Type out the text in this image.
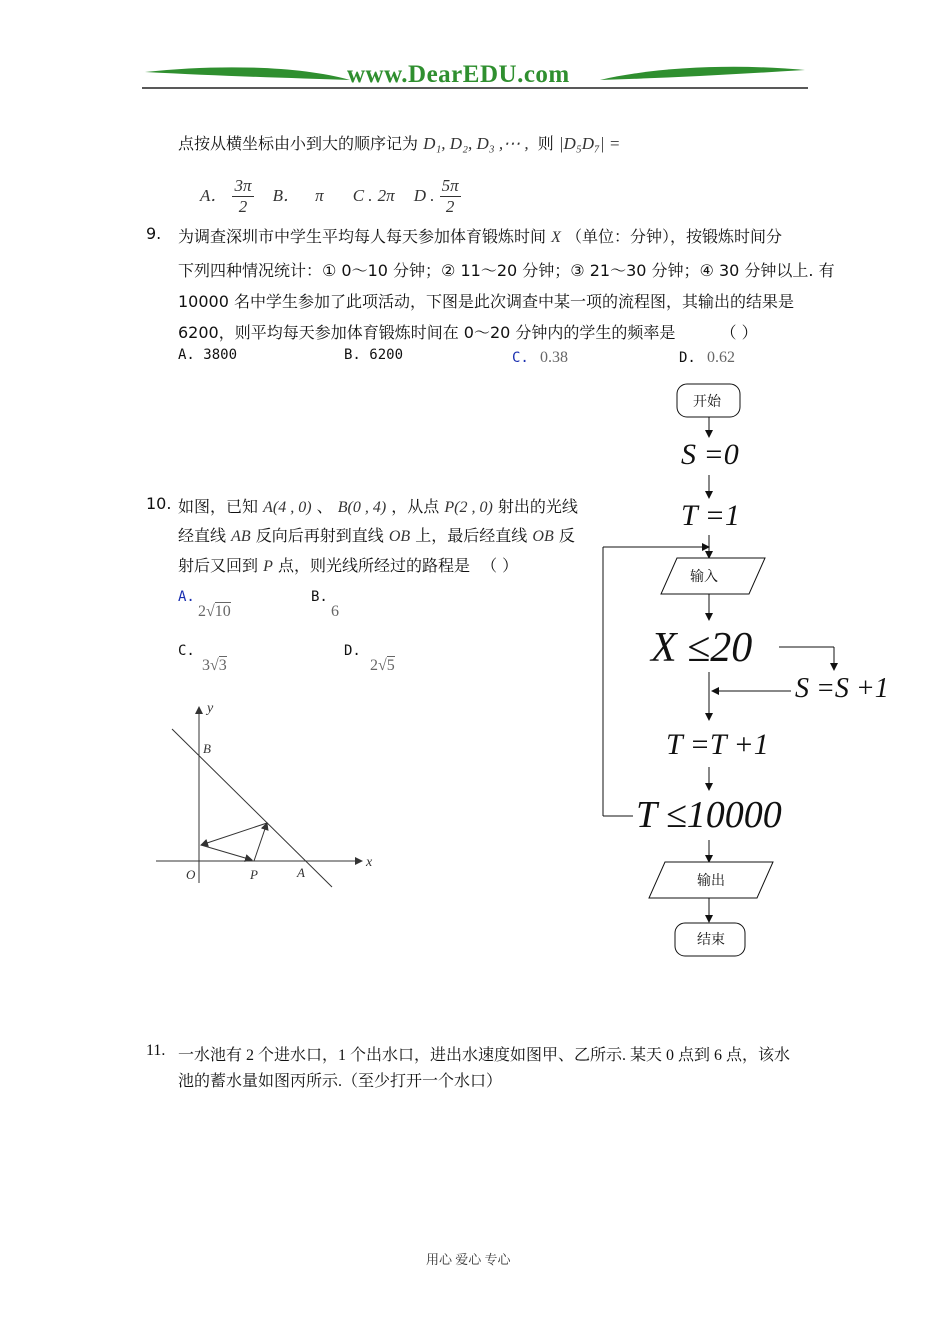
www.DearEDU.com
点按从横坐标由小到大的顺序记为 D₁, D₂, D₃ ,⋯ , 则 |D₅D₇| =
A． $\frac{3\pi}{2}$ B． π C . 2π D . $\frac{5\pi}{2}$
9. 为调查深圳市中学生平均每人每天参加体育锻炼时间 X （单位：分钟），按锻炼时间分
下列四种情况统计：① 0～10 分钟；② 11～20 分钟；③ 21～30 分钟；④ 30 分钟以上. 有
10000 名中学生参加了此项活动，下图是此次调查中某一项的流程图，其输出的结果是
6200，则平均每天参加体育锻炼时间在 0～20 分钟内的学生的频率是	（ ）
A. 3800	B. 6200	C. 0.38	D. 0.62
10. 如图，已知 A(4 , 0) 、 B(0 , 4) ，从点 P(2 , 0) 射出的光线
经直线 AB 反向后再射到直线 OB 上，最后经直线 OB 反
射后又回到 P 点，则光线所经过的路程是 （ ）
A.
2√10
B.
6
C.
3√3
D.
2√5
y
x
B
O	P	A
开始
S =0
T =1
输入
X ≤20
S =S +1
T =T +1
T ≤10000
输出
结束
11. 一水池有 2 个进水口，1 个出水口，进出水速度如图甲、乙所示. 某天 0 点到 6 点，该水
池的蓄水量如图丙所示.（至少打开一个水口）
用心 爱心 专心
